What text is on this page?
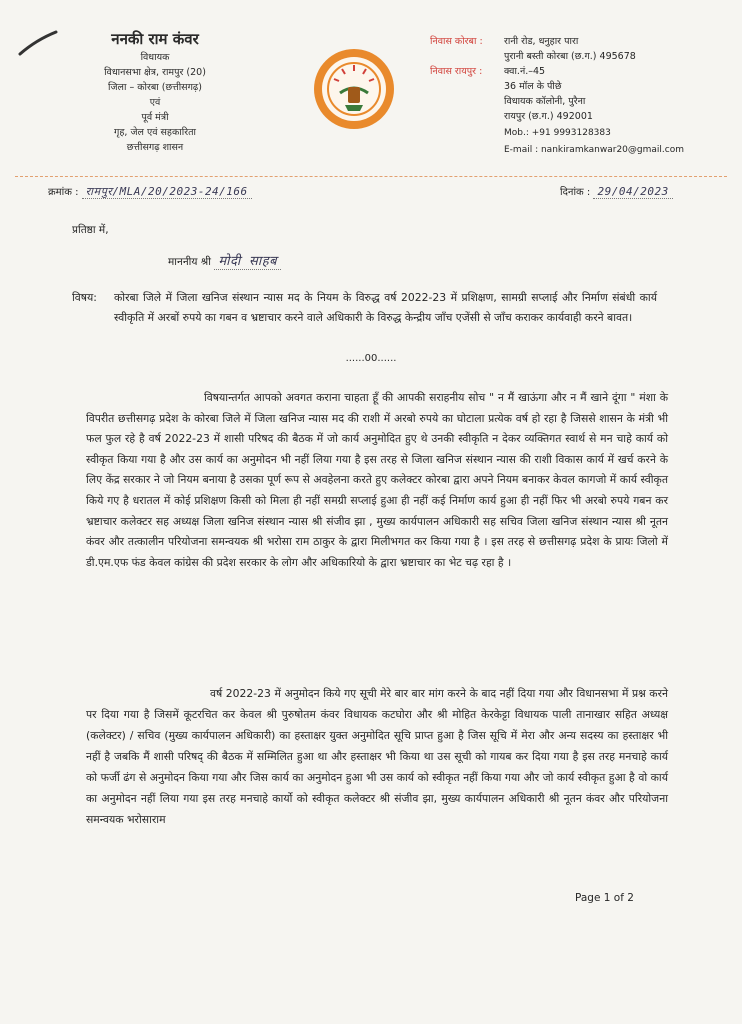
ननकी राम कंवर
विधायक
विधानसभा क्षेत्र, रामपुर (20)
जिला – कोरबा (छत्तीसगढ़)
एवं
पूर्व मंत्री
गृह, जेल एवं सहकारिता
छत्तीसगढ़ शासन
निवास कोरबा :	रानी रोड, धनुहार पारा
पुरानी बस्ती कोरबा (छ.ग.) 495678
निवास रायपुर :	क्वा.नं.–45
36 मॉल के पीछे
विधायक कॉलोनी, पुरैना
रायपुर (छ.ग.) 492001
Mob.: +91 9993128383
E-mail : nankiramkanwar20@gmail.com
क्रमांक : रामपुर/MLA/20/2023-24/166	दिनांक : 29/04/2023
प्रतिष्ठा में,
माननीय श्री मोदी साहब
विषय:	कोरबा जिले में जिला खनिज संस्थान न्यास मद के नियम के विरुद्ध वर्ष 2022-23 में प्रशिक्षण, सामग्री सप्लाई और निर्माण संबंधी कार्य स्वीकृति में अरबों रुपये का गबन व भ्रष्टाचार करने वाले अधिकारी के विरुद्ध केन्द्रीय जाँच एजेंसी से जाँच कराकर कार्यवाही करने बावत।
......00......

विषयान्तर्गत आपको अवगत कराना चाहता हूँ की आपकी सराहनीय सोच " न मैं खाऊंगा और न मैं खाने दूंगा " मंशा के विपरीत छत्तीसगढ़ प्रदेश के कोरबा जिले में जिला खनिज न्यास मद की राशी में अरबो रुपये का घोटाला प्रत्येक वर्ष हो रहा है जिससे शासन के मंत्री भी फल फुल रहे है वर्ष 2022-23 में शासी परिषद की बैठक में जो कार्य अनुमोदित हुए थे उनकी स्वीकृति न देकर व्यक्तिगत स्वार्थ से मन चाहे कार्य को स्वीकृत किया गया है और उस कार्य का अनुमोदन भी नहीं लिया गया है इस तरह से जिला खनिज संस्थान न्यास की राशी विकास कार्य में खर्च करने के लिए केंद्र सरकार ने जो नियम बनाया है उसका पूर्ण रूप से अवहेलना करते हुए कलेक्टर कोरबा द्वारा अपने नियम बनाकर केवल कागजो में कार्य स्वीकृत किये गए है धरातल में कोई प्रशिक्षण किसी को मिला ही नहीं समग्री सप्लाई हुआ ही नहीं कई निर्माण कार्य हुआ ही नहीं फिर भी अरबो रुपये गबन कर भ्रष्टाचार कलेक्टर सह अध्यक्ष जिला खनिज संस्थान न्यास श्री संजीव झा , मुख्य कार्यपालन अधिकारी सह सचिव जिला खनिज संस्थान न्यास श्री नूतन कंवर और तत्कालीन परियोजना समन्वयक श्री भरोसा राम ठाकुर के द्वारा मिलीभगत कर किया गया है । इस तरह से छत्तीसगढ़ प्रदेश के प्रायः जिलो में डी.एम.एफ फंड केवल कांग्रेस की प्रदेश सरकार के लोग और अधिकारियो के द्वारा भ्रष्टाचार का भेट चढ़ रहा है ।

वर्ष 2022-23 में अनुमोदन किये गए सूची मेरे बार बार मांग करने के बाद नहीं दिया गया और विधानसभा में प्रश्न करने पर दिया गया है जिसमें कूटरचित कर केवल श्री पुरुषोतम कंवर विधायक कटघोरा और श्री मोहित केरकेट्टा विधायक पाली तानाखार सहित अध्यक्ष (कलेक्टर) / सचिव (मुख्य कार्यपालन अधिकारी) का हस्ताक्षर युक्त अनुमोदित सूचि प्राप्त हुआ है जिस सूचि में मेरा और अन्य सदस्य का हस्ताक्षर भी नहीं है जबकि मैं शासी परिषद् की बैठक में सम्मिलित हुआ था और हस्ताक्षर भी किया था उस सूची को गायब कर दिया गया है इस तरह मनचाहे कार्य को फर्जी ढंग से अनुमोदन किया गया और जिस कार्य का अनुमोदन हुआ भी उस कार्य को स्वीकृत नहीं किया गया और जो कार्य स्वीकृत हुआ है वो कार्य का अनुमोदन नहीं लिया गया इस तरह मनचाहे कार्यो को स्वीकृत कलेक्टर श्री संजीव झा, मुख्य कार्यपालन अधिकारी श्री नूतन कंवर और परियोजना समन्वयक भरोसाराम

Page 1 of 2
